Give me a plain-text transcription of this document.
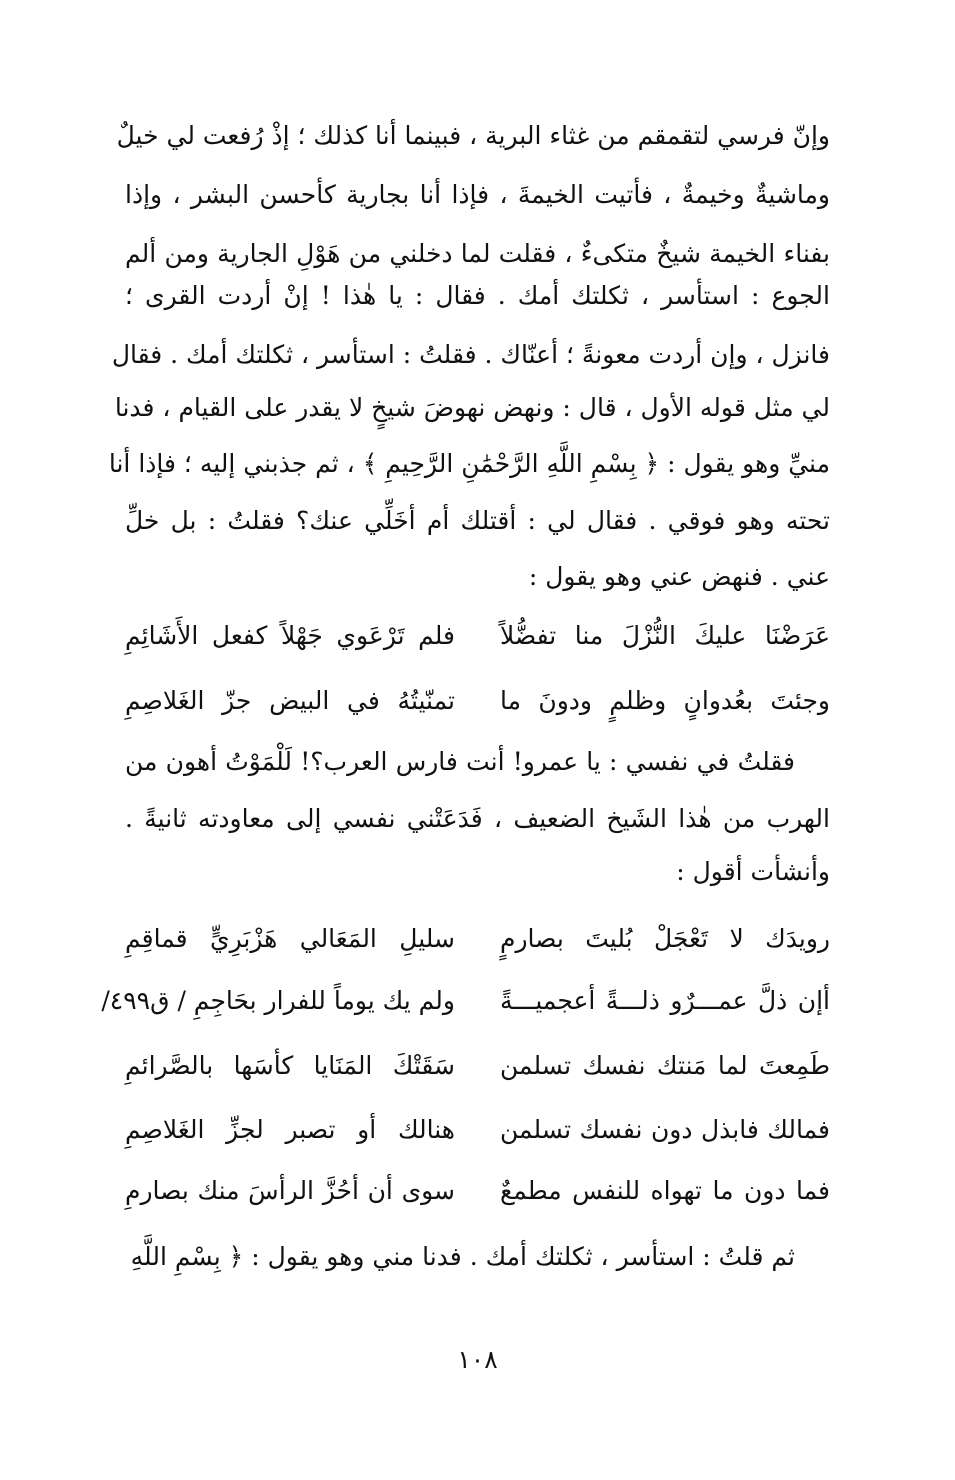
وإنّ فرسي لتقمقم من غثاء البرية ، فبينما أنا كذلك ؛ إذْ رُفعت لي خيلٌ
وماشيةٌ وخيمةٌ ، فأتيت الخيمةَ ، فإذا أنا بجارية كأحسن البشر ، وإذا
بفناء الخيمة شيخٌ متكىءٌ ، فقلت لما دخلني من هَوْلِ الجارية ومن ألم
الجوع : استأسر ، ثكلتك أمك . فقال : يا هٰذا ! إنْ أردت القرى ؛
فانزل ، وإن أردت معونةً ؛ أعنّاك . فقلتُ : استأسر ، ثكلتك أمك . فقال
لي مثل قوله الأول ، قال : ونهض نهوضَ شيخٍ لا يقدر على القيام ، فدنا
منيِّ وهو يقول : ﴿ بِسْمِ اللَّهِ الرَّحْمَٰنِ الرَّحِيمِ ﴾ ، ثم جذبني إليه ؛ فإذا أنا
تحته وهو فوقي . فقال لي : أقتلك أم أخَلِّي عنك؟ فقلتُ : بل خلِّ
عني . فنهض عني وهو يقول :
عَرَضْنَا عليكَ النُّزْلَ منا تفضُّلاً
فلم تَرْعَوي جَهْلاً كفعل الأَشَائِمِ
وجئتَ بعُدوانٍ وظلمٍ ودونَ ما
تمنّيتُهُ في البيض جزّ الغَلاصِمِ
فقلتُ في نفسي : يا عمرو! أنت فارس العرب؟! لَلْمَوْتُ أهون من
الهرب من هٰذا الشَيخ الضعيف ، فَدَعَتْني نفسي إلى معاودته ثانيةً .
وأنشأت أقول :
رويدَك لا تَعْجَلْ بُليتَ بصارمٍ
سليلِ المَعَالي هَزْبَرِيٍّ قماقِمِ
أإن ذلَّ عمـــرٌو ذلـــةً أعجميـــةً
ولم يك يوماً للفرار بحَاجِمِ / ق٤٩٩/
طَمِعتَ لما مَنتك نفسك تسلمن
سَقَتْكَ المَنَايا كأسَها بالصَّرائمِ
فمالك فابذل دون نفسك تسلمن
هنالك أو تصبر لجزِّ الغَلاصِمِ
فما دون ما تهواه للنفس مطمعٌ
سوى أن أحُزَّ الرأسَ منك بصارمِ
ثم قلتُ : استأسر ، ثكلتك أمك . فدنا مني وهو يقول : ﴿ بِسْمِ اللَّهِ
١٠٨
